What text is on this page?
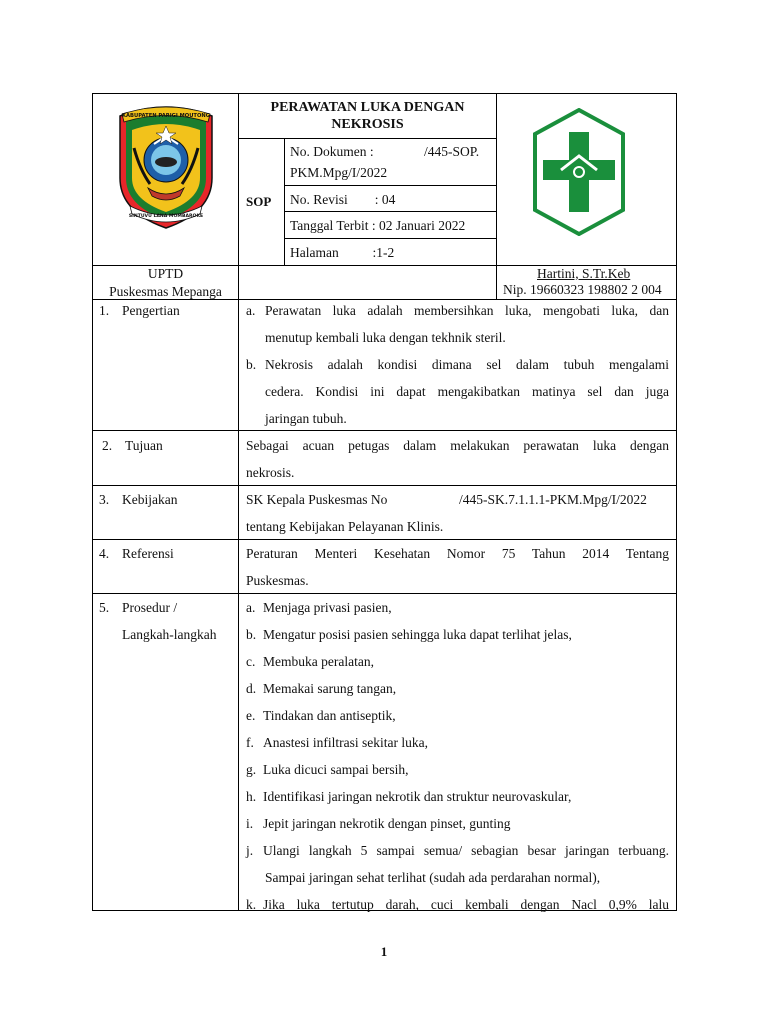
KABUPATEN PARIGI MOUTONG
SINTUVU LANA MOMBAROKE
PERAWATAN LUKA DENGAN
NEKROSIS
SOP
No. Dokumen :	/445-SOP.
PKM.Mpg/I/2022
No. Revisi        : 04
Tanggal Terbit : 02 Januari 2022
Halaman          :1-2
UPTD
Puskesmas Mepanga
Hartini, S.Tr.Keb
Nip. 19660323 198802 2 004
1. Pengertian	a. Perawatan luka adalah membersihkan luka, mengobati luka, dan
menutup kembali luka dengan tekhnik steril.
b. Nekrosis adalah kondisi dimana sel dalam tubuh mengalami
cedera. Kondisi ini dapat mengakibatkan matinya sel dan juga
jaringan tubuh.
2. Tujuan	Sebagai acuan petugas dalam melakukan perawatan luka dengan
nekrosis.
3. Kebijakan	SK Kepala Puskesmas No	/445-SK.7.1.1.1-PKM.Mpg/I/2022
tentang Kebijakan Pelayanan Klinis.
4. Referensi	Peraturan Menteri Kesehatan Nomor 75 Tahun 2014 Tentang
Puskesmas.
5. Prosedur /
Langkah-langkah
a. Menjaga privasi pasien,
b. Mengatur posisi pasien sehingga luka dapat terlihat jelas,
c. Membuka peralatan,
d. Memakai sarung tangan,
e. Tindakan dan antiseptik,
f. Anastesi infiltrasi sekitar luka,
g. Luka dicuci sampai bersih,
h. Identifikasi jaringan nekrotik dan struktur neurovaskular,
i. Jepit jaringan nekrotik dengan pinset, gunting
j. Ulangi langkah 5 sampai semua/ sebagian besar jaringan terbuang.
Sampai jaringan sehat terlihat (sudah ada perdarahan normal),
k. Jika luka tertutup darah, cuci kembali dengan Nacl 0,9% lalu
1
